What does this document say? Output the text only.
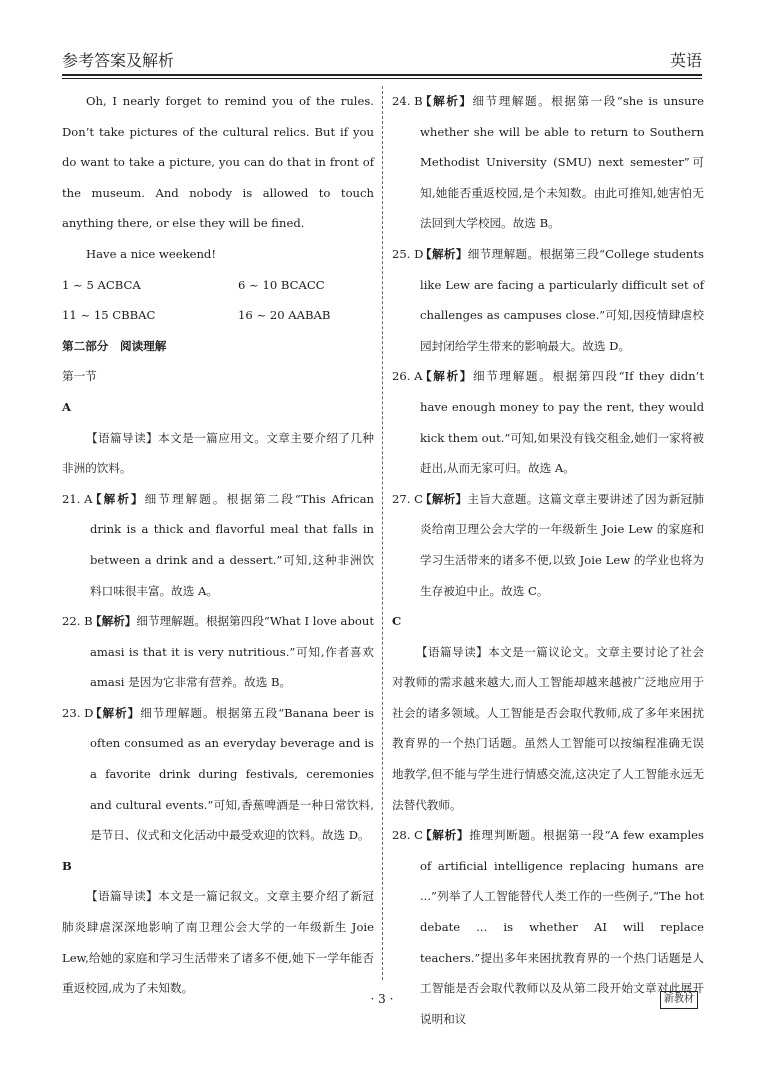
参考答案及解析	英语

Oh, I nearly forget to remind you of the rules. Don’t take pictures of the cultural relics. But if you do want to take a picture, you can do that in front of the museum. And nobody is allowed to touch anything there, or else they will be fined.

Have a nice weekend!

1 ~ 5 ACBCA	6 ~ 10 BCACC
11 ~ 15 CBBAC	16 ~ 20 AABAB

第二部分　阅读理解

第一节

A

【语篇导读】本文是一篇应用文。文章主要介绍了几种非洲的饮料。

21. A
【解析】细节理解题。根据第二段“This African drink is a thick and flavorful meal that falls in between a drink and a dessert.”可知,这种非洲饮料口味很丰富。故选 A。
22. B
【解析】细节理解题。根据第四段“What I love about amasi is that it is very nutritious.”可知,作者喜欢 amasi 是因为它非常有营养。故选 B。
23. D
【解析】细节理解题。根据第五段“Banana beer is often consumed as an everyday beverage and is a favorite drink during festivals, ceremonies and cultural events.”可知,香蕉啤酒是一种日常饮料,是节日、仪式和文化活动中最受欢迎的饮料。故选 D。

B

【语篇导读】本文是一篇记叙文。文章主要介绍了新冠肺炎肆虐深深地影响了南卫理公会大学的一年级新生 Joie Lew,给她的家庭和学习生活带来了诸多不便,她下一学年能否重返校园,成为了未知数。

24. B
【解析】细节理解题。根据第一段“she is unsure whether she will be able to return to Southern Methodist University (SMU) next semester”可知,她能否重返校园,是个未知数。由此可推知,她害怕无法回到大学校园。故选 B。
25. D
【解析】细节理解题。根据第三段“College students like Lew are facing a particularly difficult set of challenges as campuses close.”可知,因疫情肆虐校园封闭给学生带来的影响最大。故选 D。
26. A
【解析】细节理解题。根据第四段“If they didn’t have enough money to pay the rent, they would kick them out.”可知,如果没有钱交租金,她们一家将被赶出,从而无家可归。故选 A。
27. C
【解析】主旨大意题。这篇文章主要讲述了因为新冠肺炎给南卫理公会大学的一年级新生 Joie Lew 的家庭和学习生活带来的诸多不便,以致 Joie Lew 的学业也将为生存被迫中止。故选 C。

C

【语篇导读】本文是一篇议论文。文章主要讨论了社会对教师的需求越来越大,而人工智能却越来越被广泛地应用于社会的诸多领域。人工智能是否会取代教师,成了多年来困扰教育界的一个热门话题。虽然人工智能可以按编程准确无误地教学,但不能与学生进行情感交流,这决定了人工智能永远无法替代教师。

28. C
【解析】推理判断题。根据第一段“A few examples of artificial intelligence replacing humans are ...”列举了人工智能替代人类工作的一些例子,“The hot debate ... is whether AI will replace teachers.”提出多年来困扰教育界的一个热门话题是人工智能是否会取代教师以及从第二段开始文章对此展开说明和议
· 3 ·	新教材
